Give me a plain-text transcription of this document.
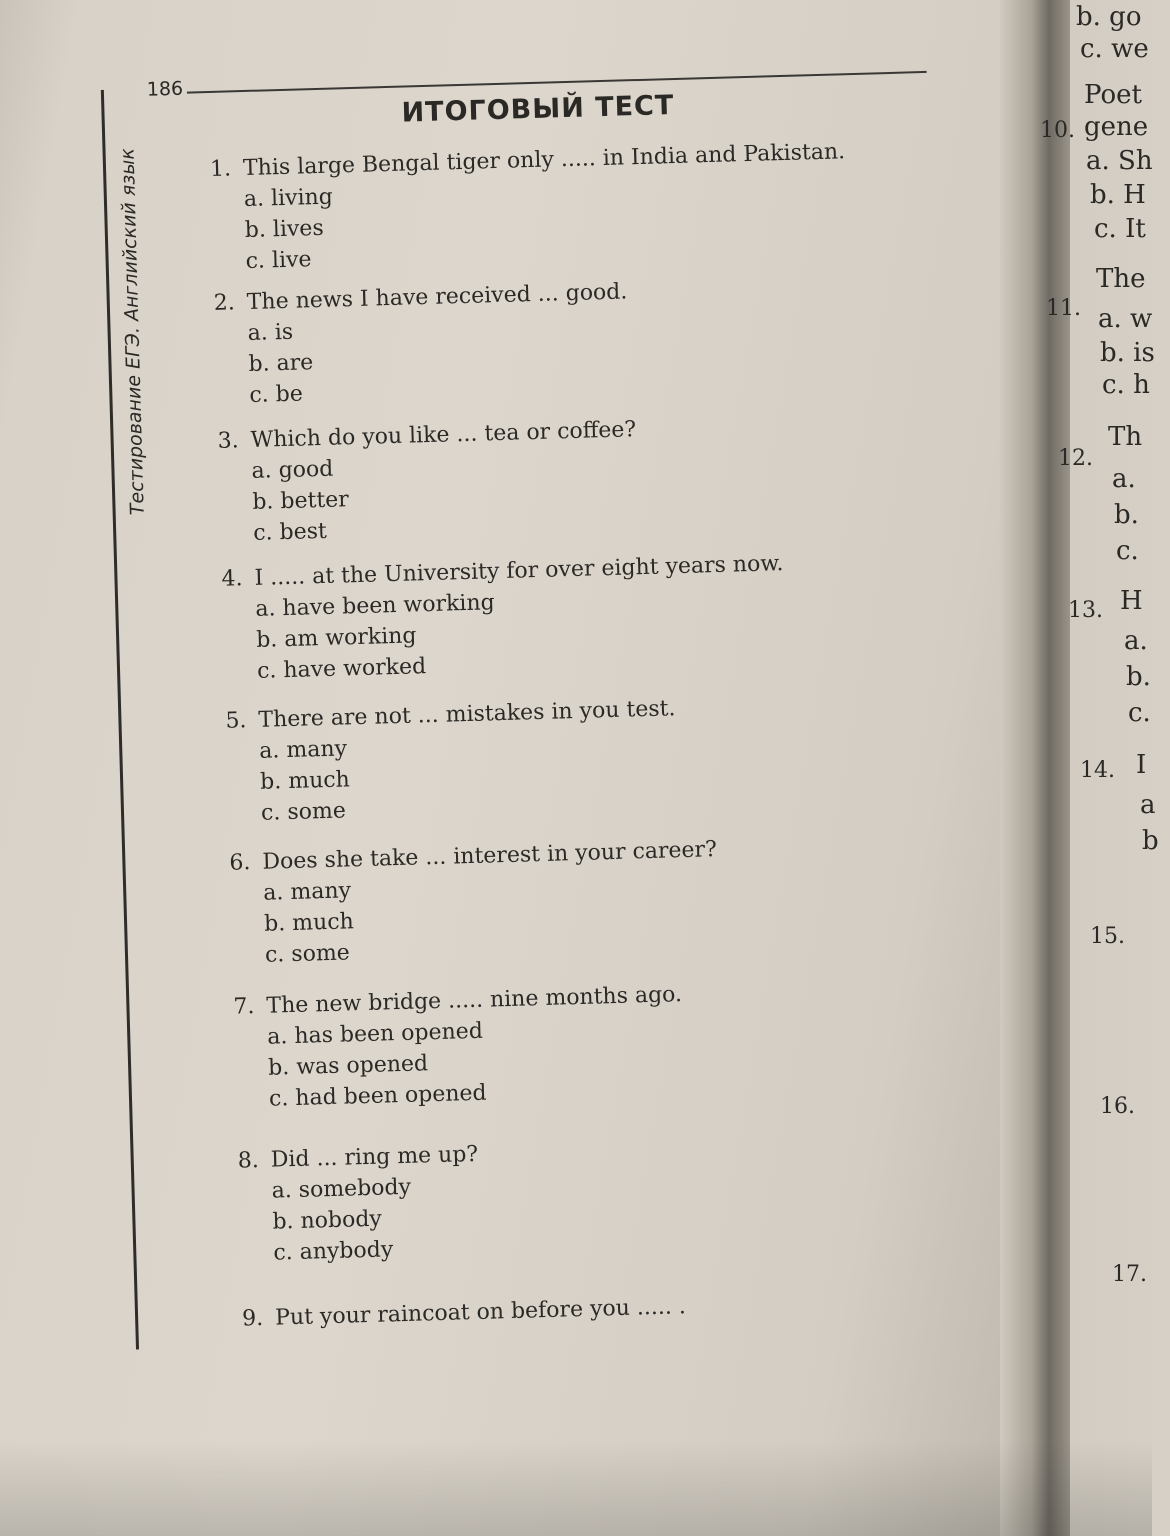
Тестирование ЕГЭ. Английский язык
186
ИТОГОВЫЙ ТЕСТ
1. This large Bengal tiger only ..... in India and Pakistan.
a. living
b. lives
c. live
2. The news I have received ... good.
a. is
b. are
c. be
3. Which do you like ... tea or coffee?
a. good
b. better
c. best
4. I ..... at the University for over eight years now.
a. have been working
b. am working
c. have worked
5. There are not ... mistakes in you test.
a. many
b. much
c. some
6. Does she take ... interest in your career?
a. many
b. much
c. some
7. The new bridge ..... nine months ago.
a. has been opened
b. was opened
c. had been opened
8. Did ... ring me up?
a. somebody
b. nobody
c. anybody
9. Put your raincoat on before you ..... .
b. go
c. we
10.
Poet
gene
a. Sh
b. H
c. It
11.
The
a. w
b. is
c. h
12.
Th
a.
b.
c.
13. H
a.
b.
c.
14. I
a
b
15.
16.
17.
